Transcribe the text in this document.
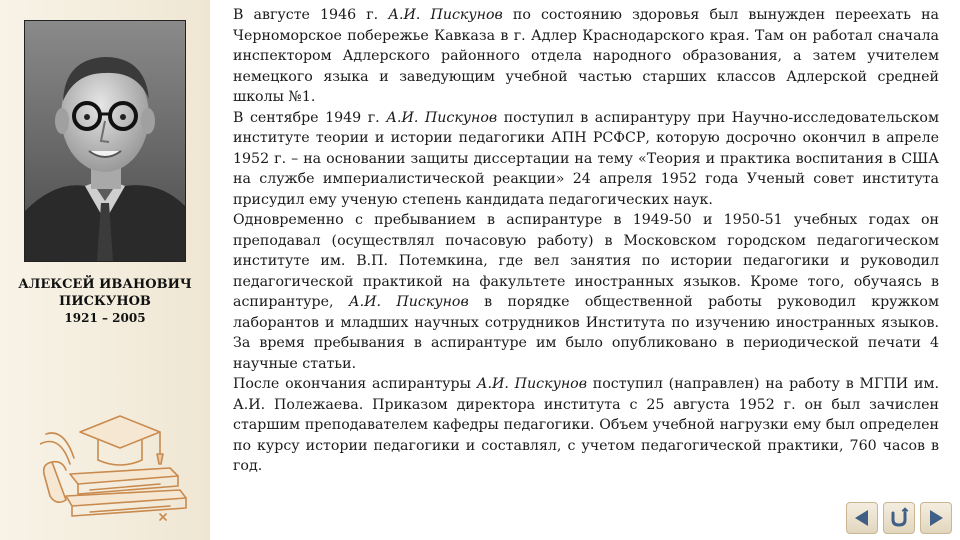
АЛЕКСЕЙ ИВАНОВИЧ
ПИСКУНОВ
1921 – 2005

В августе 1946 г. А.И. Пискунов по состоянию здоровья был вынужден переехать на Черноморское побережье Кавказа в г. Адлер Краснодарского края. Там он работал сначала инспектором Адлерского районного отдела народного образования, а затем учителем немецкого языка и заведующим учебной частью старших классов Адлерской средней школы №1.

В сентябре 1949 г. А.И. Пискунов поступил в аспирантуру при Научно-исследовательском институте теории и истории педагогики АПН РСФСР, которую досрочно окончил в апреле 1952 г. – на основании защиты диссертации на тему «Теория и практика воспитания в США на службе империалистической реакции» 24 апреля 1952 года Ученый совет института присудил ему ученую степень кандидата педагогических наук.

Одновременно с пребыванием в аспирантуре в 1949-50 и 1950-51 учебных годах он преподавал (осуществлял почасовую работу) в Московском городском педагогическом институте им. В.П. Потемкина, где вел занятия по истории педагогики и руководил педагогической практикой на факультете иностранных языков. Кроме того, обучаясь в аспирантуре, А.И. Пискунов в порядке общественной работы руководил кружком лаборантов и младших научных сотрудников Института по изучению иностранных языков. За время пребывания в аспирантуре им было опубликовано в периодической печати 4 научные статьи.

После окончания аспирантуры А.И. Пискунов поступил (направлен) на работу в МГПИ им. А.И. Полежаева. Приказом директора института с 25 августа 1952 г. он был зачислен старшим преподавателем кафедры педагогики. Объем учебной нагрузки ему был определен по курсу истории педагогики и составлял, с учетом педагогической практики, 760 часов в год.
